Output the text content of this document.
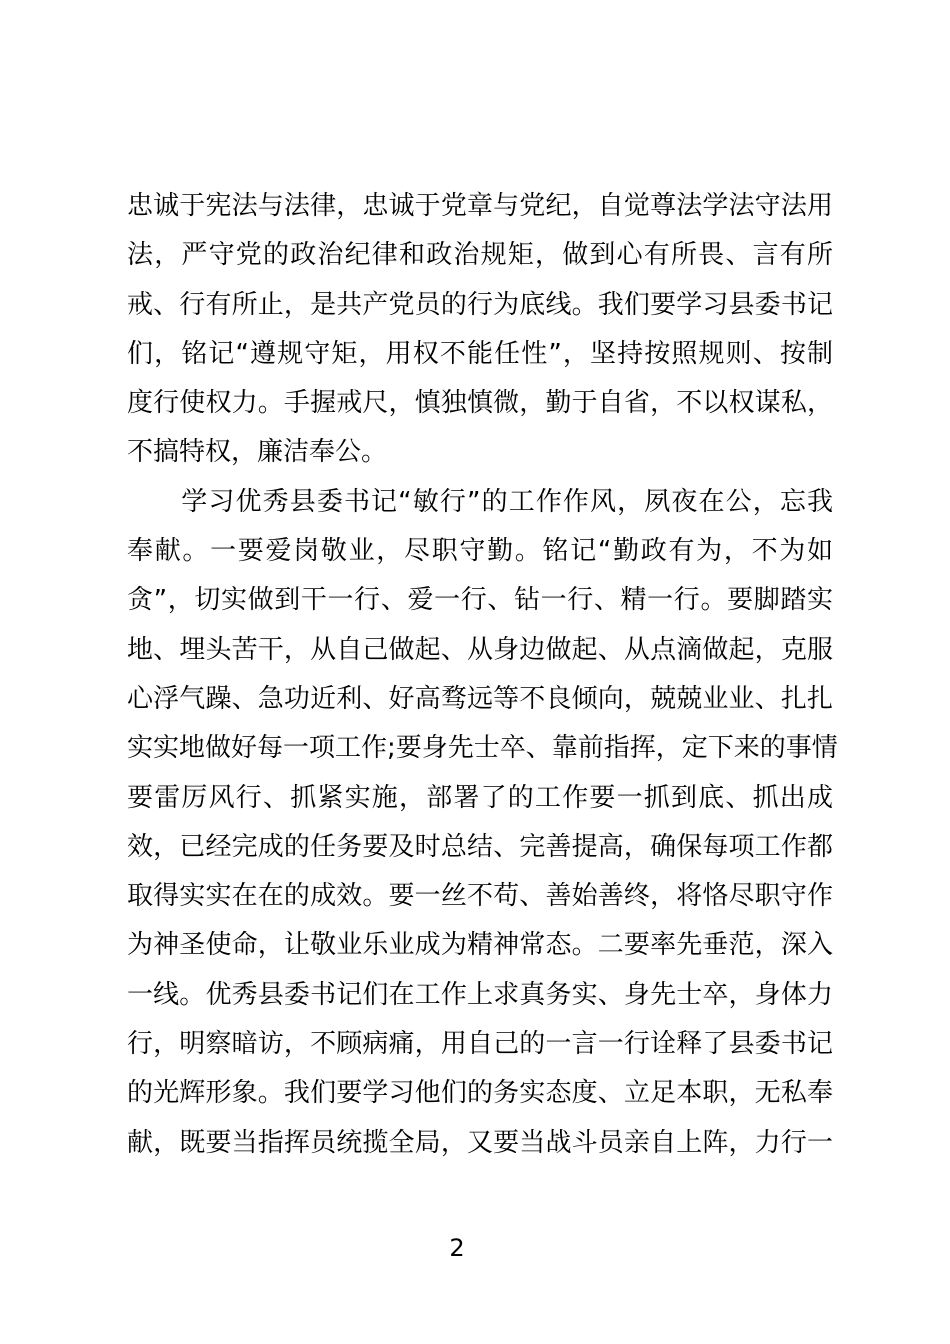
忠诚于宪法与法律，忠诚于党章与党纪，自觉尊法学法守法用
法，严守党的政治纪律和政治规矩，做到心有所畏、言有所
戒、行有所止，是共产党员的行为底线。我们要学习县委书记
们，铭记“遵规守矩，用权不能任性”，坚持按照规则、按制
度行使权力。手握戒尺，慎独慎微，勤于自省，不以权谋私，
不搞特权，廉洁奉公。
　　学习优秀县委书记“敏行”的工作作风，夙夜在公，忘我
奉献。一要爱岗敬业，尽职守勤。铭记“勤政有为，不为如
贪”，切实做到干一行、爱一行、钻一行、精一行。要脚踏实
地、埋头苦干，从自己做起、从身边做起、从点滴做起，克服
心浮气躁、急功近利、好高骛远等不良倾向，兢兢业业、扎扎
实实地做好每一项工作;要身先士卒、靠前指挥，定下来的事情
要雷厉风行、抓紧实施，部署了的工作要一抓到底、抓出成
效，已经完成的任务要及时总结、完善提高，确保每项工作都
取得实实在在的成效。要一丝不苟、善始善终，将恪尽职守作
为神圣使命，让敬业乐业成为精神常态。二要率先垂范，深入
一线。优秀县委书记们在工作上求真务实、身先士卒，身体力
行，明察暗访，不顾病痛，用自己的一言一行诠释了县委书记
的光辉形象。我们要学习他们的务实态度、立足本职，无私奉
献，既要当指挥员统揽全局，又要当战斗员亲自上阵，力行一
2
